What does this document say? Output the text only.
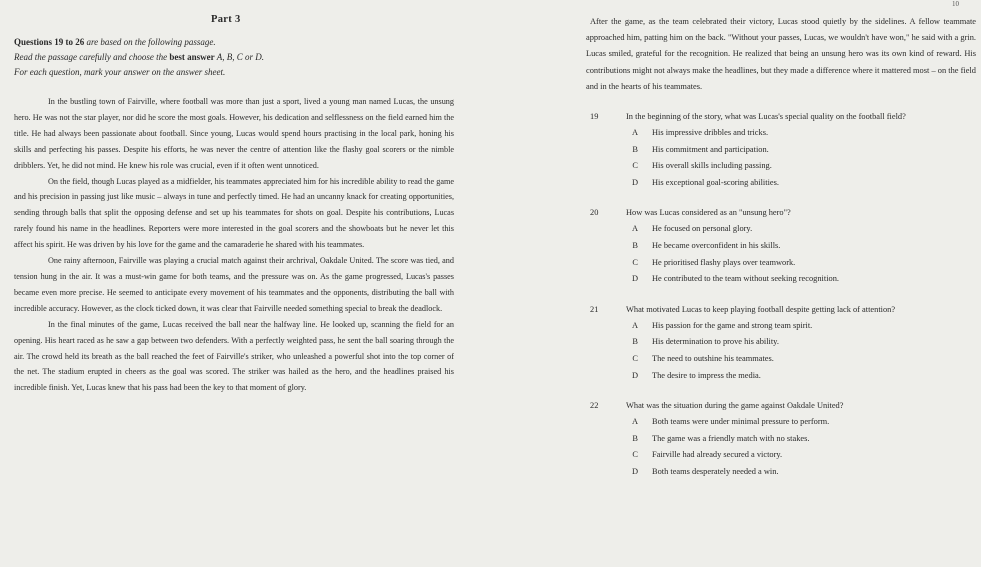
10
Part 3
Questions 19 to 26 are based on the following passage.
Read the passage carefully and choose the best answer A, B, C or D.
For each question, mark your answer on the answer sheet.

In the bustling town of Fairville, where football was more than just a sport, lived a young man named Lucas, the unsung hero. He was not the star player, nor did he score the most goals. However, his dedication and selflessness on the field earned him the title. He had always been passionate about football. Since young, Lucas would spend hours practising in the local park, honing his skills and perfecting his passes. Despite his efforts, he was never the centre of attention like the flashy goal scorers or the nimble dribblers. Yet, he did not mind. He knew his role was crucial, even if it often went unnoticed.

On the field, though Lucas played as a midfielder, his teammates appreciated him for his incredible ability to read the game and his precision in passing just like music – always in tune and perfectly timed. He had an uncanny knack for creating opportunities, sending through balls that split the opposing defense and set up his teammates for shots on goal. Despite his contributions, Lucas rarely found his name in the headlines. Reporters were more interested in the goal scorers and the showboats but he never let this affect his spirit. He was driven by his love for the game and the camaraderie he shared with his teammates.

One rainy afternoon, Fairville was playing a crucial match against their archrival, Oakdale United. The score was tied, and tension hung in the air. It was a must-win game for both teams, and the pressure was on. As the game progressed, Lucas's passes became even more precise. He seemed to anticipate every movement of his teammates and the opponents, distributing the ball with incredible accuracy. However, as the clock ticked down, it was clear that Fairville needed something special to break the deadlock.

In the final minutes of the game, Lucas received the ball near the halfway line. He looked up, scanning the field for an opening. His heart raced as he saw a gap between two defenders. With a perfectly weighted pass, he sent the ball soaring through the air. The crowd held its breath as the ball reached the feet of Fairville's striker, who unleashed a powerful shot into the top corner of the net. The stadium erupted in cheers as the goal was scored. The striker was hailed as the hero, and the headlines praised his incredible finish. Yet, Lucas knew that his pass had been the key to that moment of glory.

After the game, as the team celebrated their victory, Lucas stood quietly by the sidelines. A fellow teammate approached him, patting him on the back. "Without your passes, Lucas, we wouldn't have won," he said with a grin. Lucas smiled, grateful for the recognition. He realized that being an unsung hero was its own kind of reward. His contributions might not always make the headlines, but they made a difference where it mattered most – on the field and in the hearts of his teammates.

19	In the beginning of the story, what was Lucas's special quality on the football field?
A	His impressive dribbles and tricks.
B	His commitment and participation.
C	His overall skills including passing.
D	His exceptional goal-scoring abilities.
20	How was Lucas considered as an "unsung hero"?
A	He focused on personal glory.
B	He became overconfident in his skills.
C	He prioritised flashy plays over teamwork.
D	He contributed to the team without seeking recognition.
21	What motivated Lucas to keep playing football despite getting lack of attention?
A	His passion for the game and strong team spirit.
B	His determination to prove his ability.
C	The need to outshine his teammates.
D	The desire to impress the media.
22	What was the situation during the game against Oakdale United?
A	Both teams were under minimal pressure to perform.
B	The game was a friendly match with no stakes.
C	Fairville had already secured a victory.
D	Both teams desperately needed a win.
